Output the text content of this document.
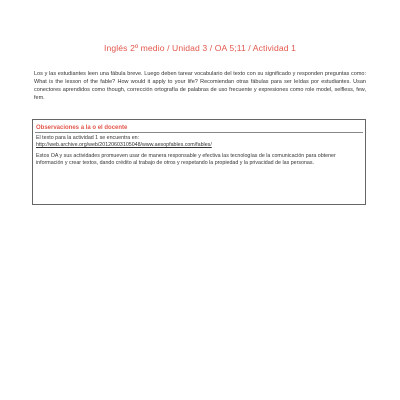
Inglés 2º medio / Unidad 3 / OA 5;11 / Actividad 1
Los y las estudiantes leen una fábula breve. Luego deben tarear vocabulario del texto con su significado y responden preguntas como: What is the lesson of the fable? How would it apply to your life? Recomiendan otras fábulas para ser leídas por estudiantes. Usan conectores aprendidos como though, corrección ortografía de palabras de uso frecuente y expresiones como role model, selfless, few, fem.
Observaciones a la o el docente

El texto para la actividad 1 se encuentra en:
http://web.archive.org/web/20120603105048/www.aesopfables.com/fables/

Estos OA y sus actividades promueven usar de manera responsable y efectiva las tecnologías de la comunicación para obtener información y crear textos, dando crédito al trabajo de otros y respetando la propiedad y la privacidad de las personas.
